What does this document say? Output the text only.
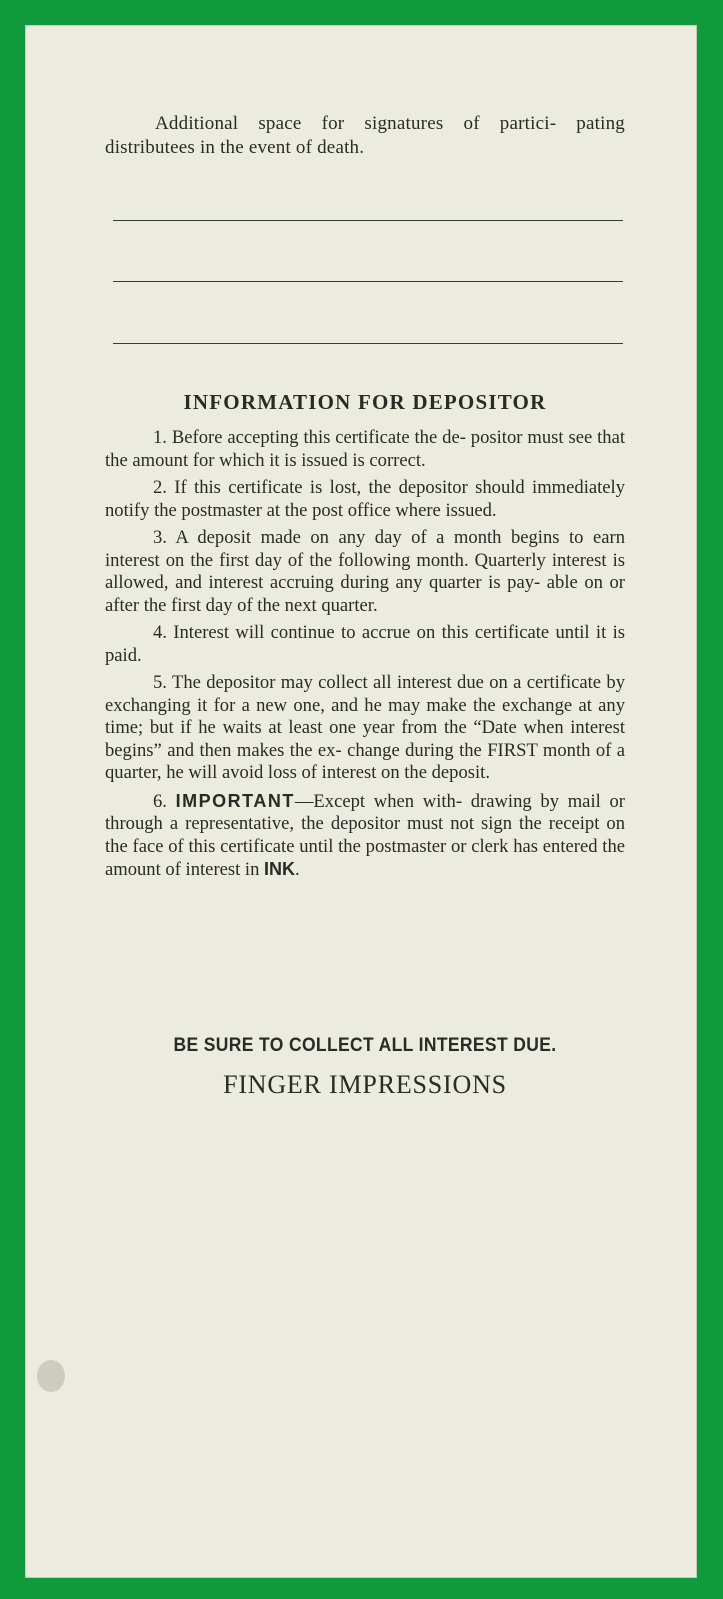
Additional space for signatures of partici- pating distributees in the event of death.

INFORMATION FOR DEPOSITOR

1. Before accepting this certificate the de- positor must see that the amount for which it is issued is correct.

2. If this certificate is lost, the depositor should immediately notify the postmaster at the post office where issued.

3. A deposit made on any day of a month begins to earn interest on the first day of the following month. Quarterly interest is allowed, and interest accruing during any quarter is pay- able on or after the first day of the next quarter.

4. Interest will continue to accrue on this certificate until it is paid.

5. The depositor may collect all interest due on a certificate by exchanging it for a new one, and he may make the exchange at any time; but if he waits at least one year from the “Date when interest begins” and then makes the ex- change during the FIRST month of a quarter, he will avoid loss of interest on the deposit.

6. IMPORTANT—Except when with- drawing by mail or through a representative, the depositor must not sign the receipt on the face of this certificate until the postmaster or clerk has entered the amount of interest in INK.

BE SURE TO COLLECT ALL INTEREST DUE.

FINGER IMPRESSIONS
